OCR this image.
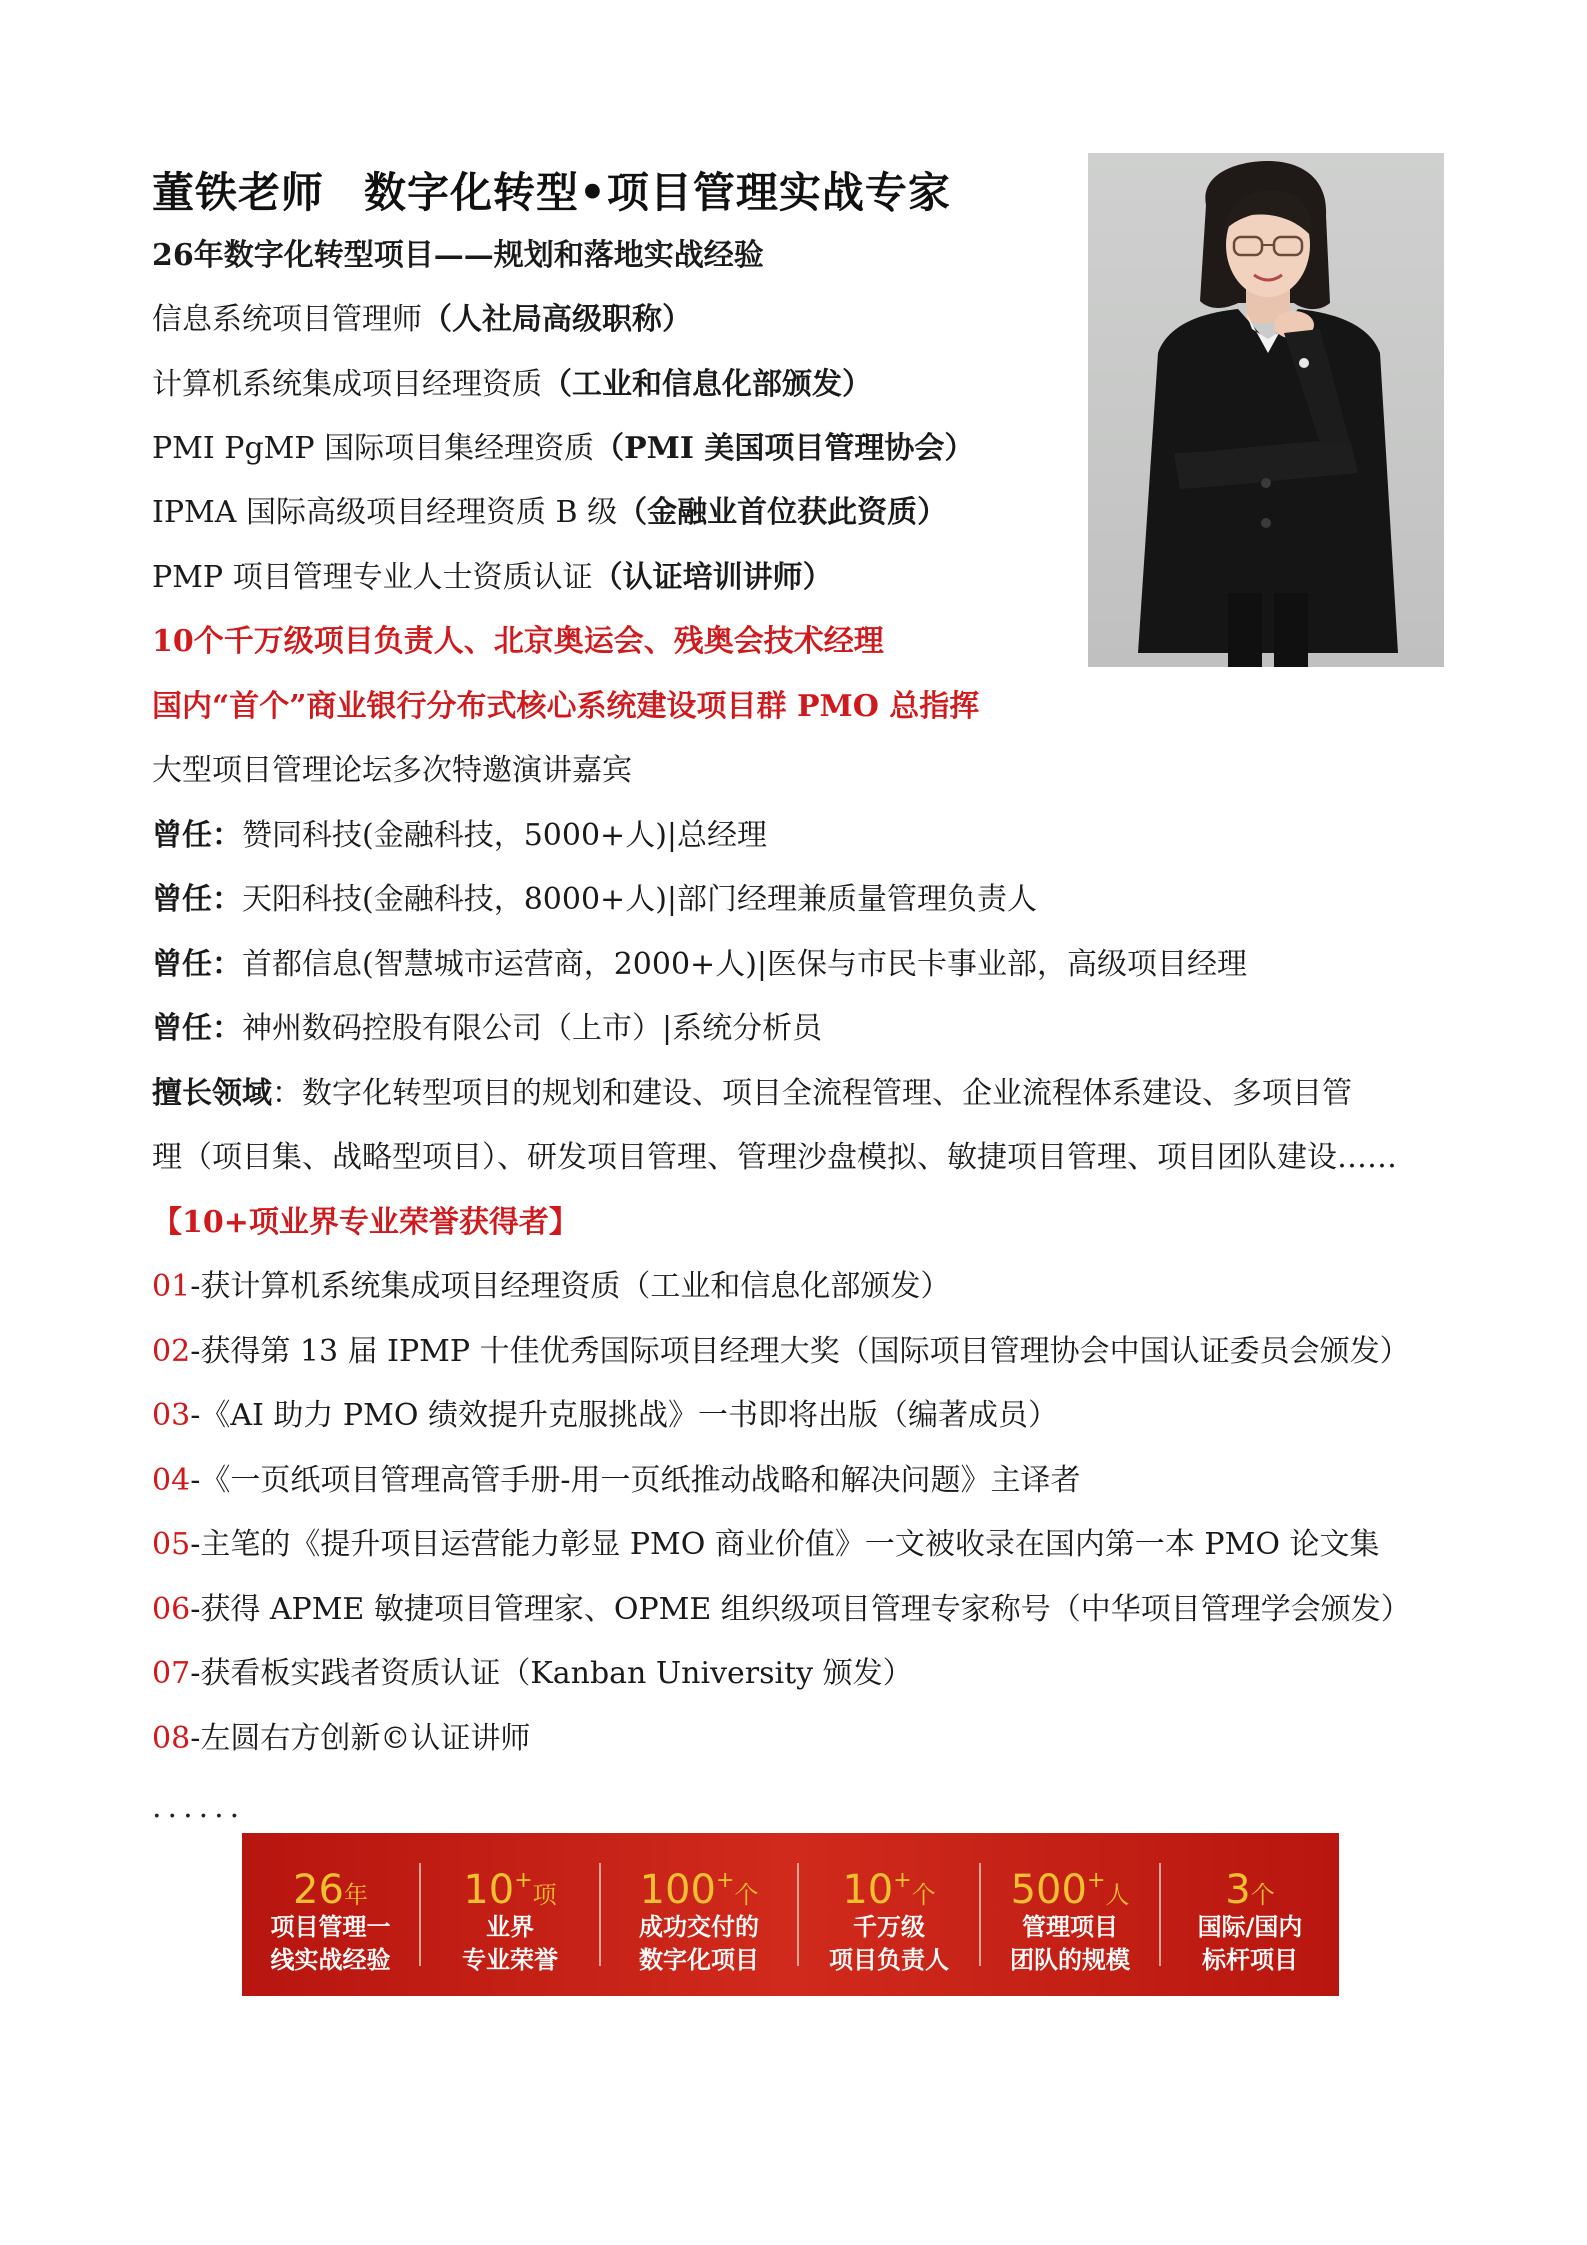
董铁老师 数字化转型•项目管理实战专家
26年数字化转型项目——规划和落地实战经验
信息系统项目管理师（人社局高级职称）
计算机系统集成项目经理资质（工业和信息化部颁发）
PMI PgMP 国际项目集经理资质（PMI 美国项目管理协会）
IPMA 国际高级项目经理资质 B 级（金融业首位获此资质）
PMP 项目管理专业人士资质认证（认证培训讲师）
10个千万级项目负责人、北京奥运会、残奥会技术经理
国内“首个”商业银行分布式核心系统建设项目群 PMO 总指挥
大型项目管理论坛多次特邀演讲嘉宾
曾任：赞同科技(金融科技，5000+人)|总经理
曾任：天阳科技(金融科技，8000+人)|部门经理兼质量管理负责人
曾任：首都信息(智慧城市运营商，2000+人)|医保与市民卡事业部，高级项目经理
曾任：神州数码控股有限公司（上市）|系统分析员
擅长领域：数字化转型项目的规划和建设、项目全流程管理、企业流程体系建设、多项目管
理（项目集、战略型项目）、研发项目管理、管理沙盘模拟、敏捷项目管理、项目团队建设……
【10+项业界专业荣誉获得者】
01-获计算机系统集成项目经理资质（工业和信息化部颁发）
02-获得第 13 届 IPMP 十佳优秀国际项目经理大奖（国际项目管理协会中国认证委员会颁发）
03-《AI 助力 PMO 绩效提升克服挑战》一书即将出版（编著成员）
04-《一页纸项目管理高管手册-用一页纸推动战略和解决问题》主译者
05-主笔的《提升项目运营能力彰显 PMO 商业价值》一文被收录在国内第一本 PMO 论文集
06-获得 APME 敏捷项目管理家、OPME 组织级项目管理专家称号（中华项目管理学会颁发）
07-获看板实践者资质认证（Kanban University 颁发）
08-左圆右方创新©认证讲师
......
26年
项目管理一
线实战经验
10+项
业界
专业荣誉
100+个
成功交付的
数字化项目
10+个
千万级
项目负责人
500+人
管理项目
团队的规模
3个
国际/国内
标杆项目
